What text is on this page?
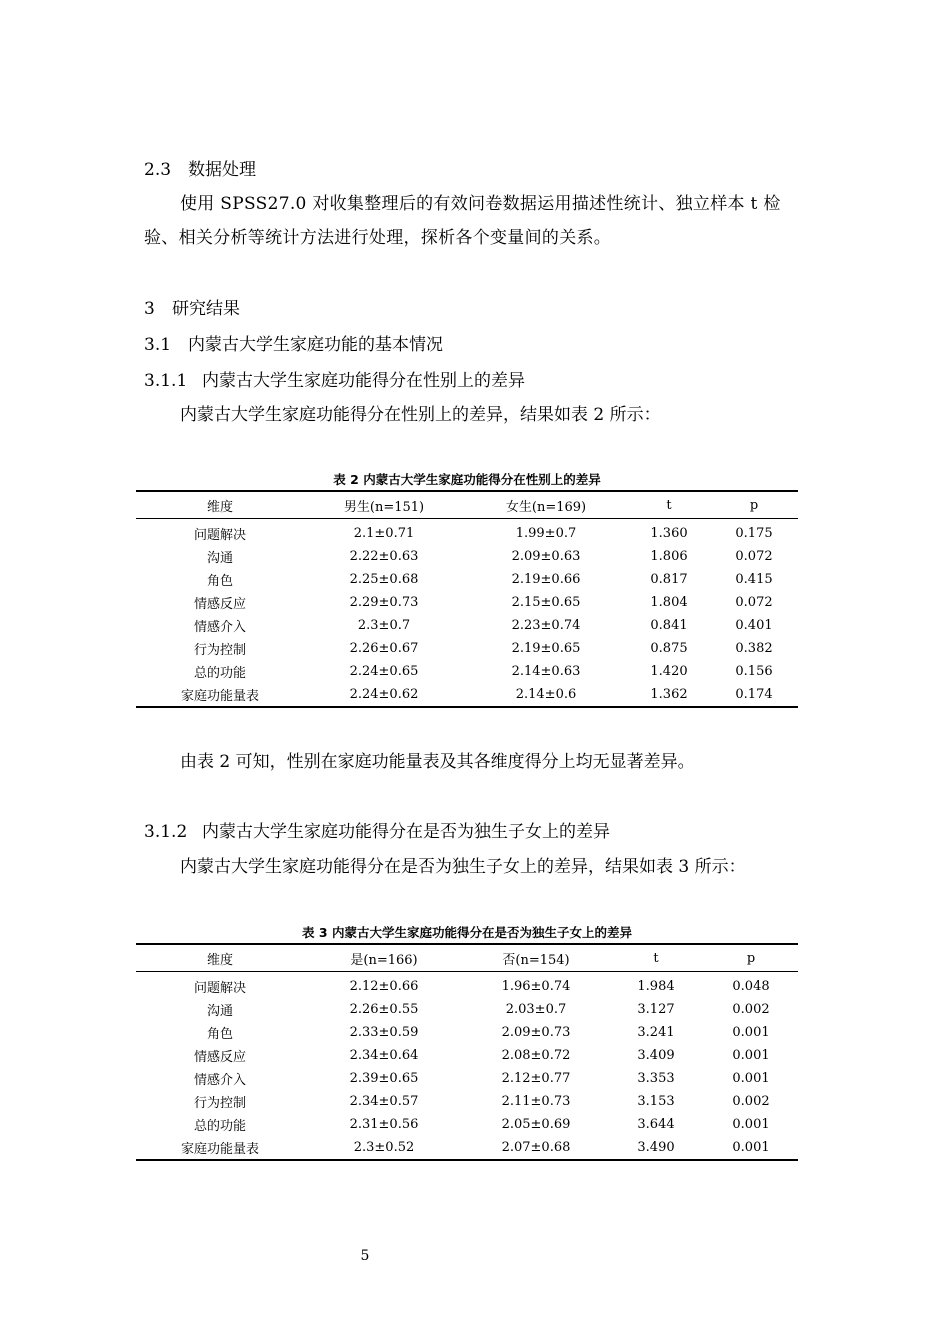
2.3 数据处理
使用 SPSS27.0 对收集整理后的有效问卷数据运用描述性统计、独立样本 t 检验、相关分析等统计方法进行处理，探析各个变量间的关系。
3 研究结果
3.1 内蒙古大学生家庭功能的基本情况
3.1.1 内蒙古大学生家庭功能得分在性别上的差异
内蒙古大学生家庭功能得分在性别上的差异，结果如表 2 所示：
表 2 内蒙古大学生家庭功能得分在性别上的差异
维度	男生(n=151)	女生(n=169)	t	p
问题解决	2.1±0.71	1.99±0.7	1.360	0.175
沟通	2.22±0.63	2.09±0.63	1.806	0.072
角色	2.25±0.68	2.19±0.66	0.817	0.415
情感反应	2.29±0.73	2.15±0.65	1.804	0.072
情感介入	2.3±0.7	2.23±0.74	0.841	0.401
行为控制	2.26±0.67	2.19±0.65	0.875	0.382
总的功能	2.24±0.65	2.14±0.63	1.420	0.156
家庭功能量表	2.24±0.62	2.14±0.6	1.362	0.174
由表 2 可知，性别在家庭功能量表及其各维度得分上均无显著差异。
3.1.2 内蒙古大学生家庭功能得分在是否为独生子女上的差异
内蒙古大学生家庭功能得分在是否为独生子女上的差异，结果如表 3 所示：
表 3 内蒙古大学生家庭功能得分在是否为独生子女上的差异
维度	是(n=166)	否(n=154)	t	p
问题解决	2.12±0.66	1.96±0.74	1.984	0.048
沟通	2.26±0.55	2.03±0.7	3.127	0.002
角色	2.33±0.59	2.09±0.73	3.241	0.001
情感反应	2.34±0.64	2.08±0.72	3.409	0.001
情感介入	2.39±0.65	2.12±0.77	3.353	0.001
行为控制	2.34±0.57	2.11±0.73	3.153	0.002
总的功能	2.31±0.56	2.05±0.69	3.644	0.001
家庭功能量表	2.3±0.52	2.07±0.68	3.490	0.001
5
